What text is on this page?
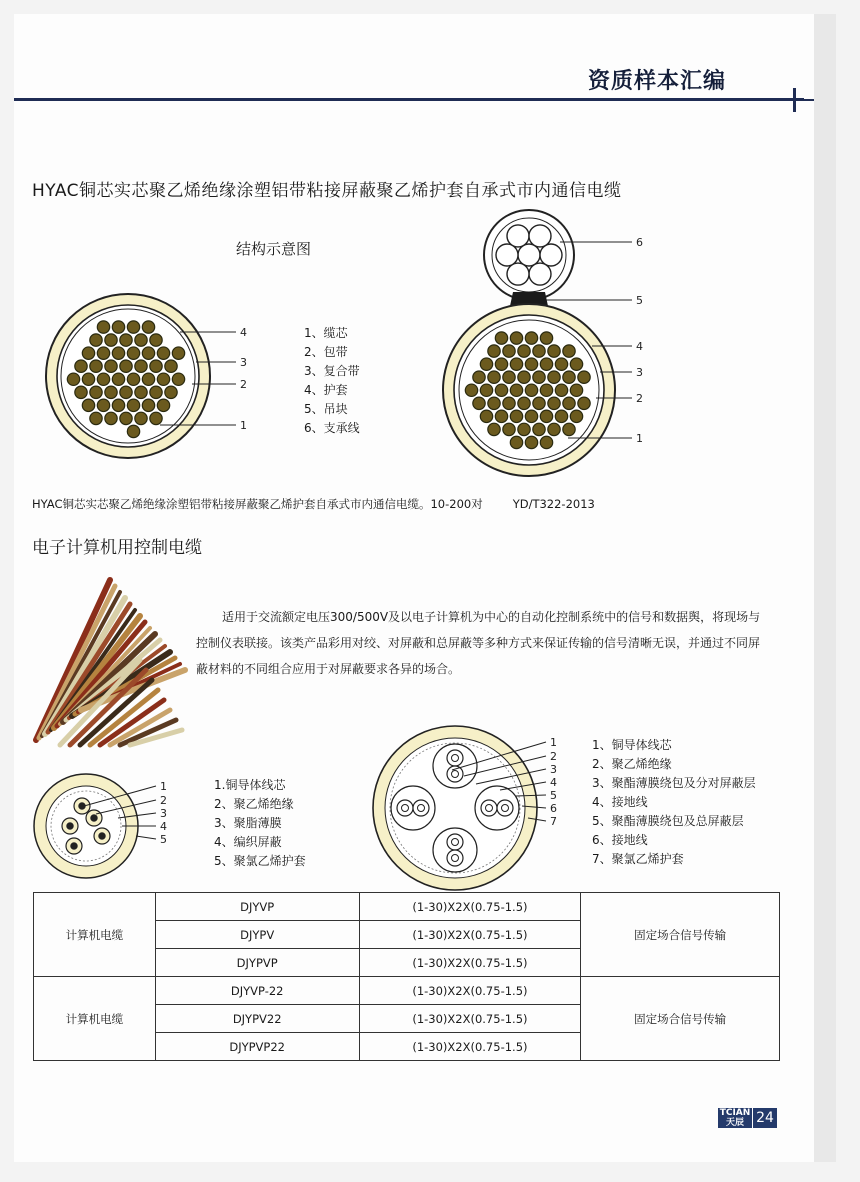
资质样本汇编
HYAC铜芯实芯聚乙烯绝缘涂塑铝带粘接屏蔽聚乙烯护套自承式市内通信电缆
结构示意图
4
3
2
1
6
5
4
3
2
1
1
2
3
4
5
1
2
3
4
5
6
7
1、缆芯
2、包带
3、复合带
4、护套
5、吊块
6、支承线
HYAC铜芯实芯聚乙烯绝缘涂塑铝带粘接屏蔽聚乙烯护套自承式市内通信电缆。10-200对	YD/T322-2013
电子计算机用控制电缆
适用于交流额定电压300/500V及以电子计算机为中心的自动化控制系统中的信号和数据舆，将现场与控制仪表联接。该类产品彩用对绞、对屏蔽和总屏蔽等多种方式来保证传输的信号清晰无误，并通过不同屏蔽材料的不同组合应用于对屏蔽要求各异的场合。
1.铜导体线芯
2、聚乙烯绝缘
3、聚脂薄膜
4、编织屏蔽
5、聚氯乙烯护套
1、铜导体线芯
2、聚乙烯绝缘
3、聚酯薄膜绕包及分对屏蔽层
4、接地线
5、聚酯薄膜绕包及总屏蔽层
6、接地线
7、聚氯乙烯护套
计算机电缆	DJYVP	(1-30)X2X(0.75-1.5)	固定场合信号传输
	DJYPV	(1-30)X2X(0.75-1.5)	
	DJYPVP	(1-30)X2X(0.75-1.5)	
计算机电缆	DJYVP-22	(1-30)X2X(0.75-1.5)	固定场合信号传输
	DJYPV22	(1-30)X2X(0.75-1.5)	
	DJYPVP22	(1-30)X2X(0.75-1.5)	
TCIAN 天辰 24
